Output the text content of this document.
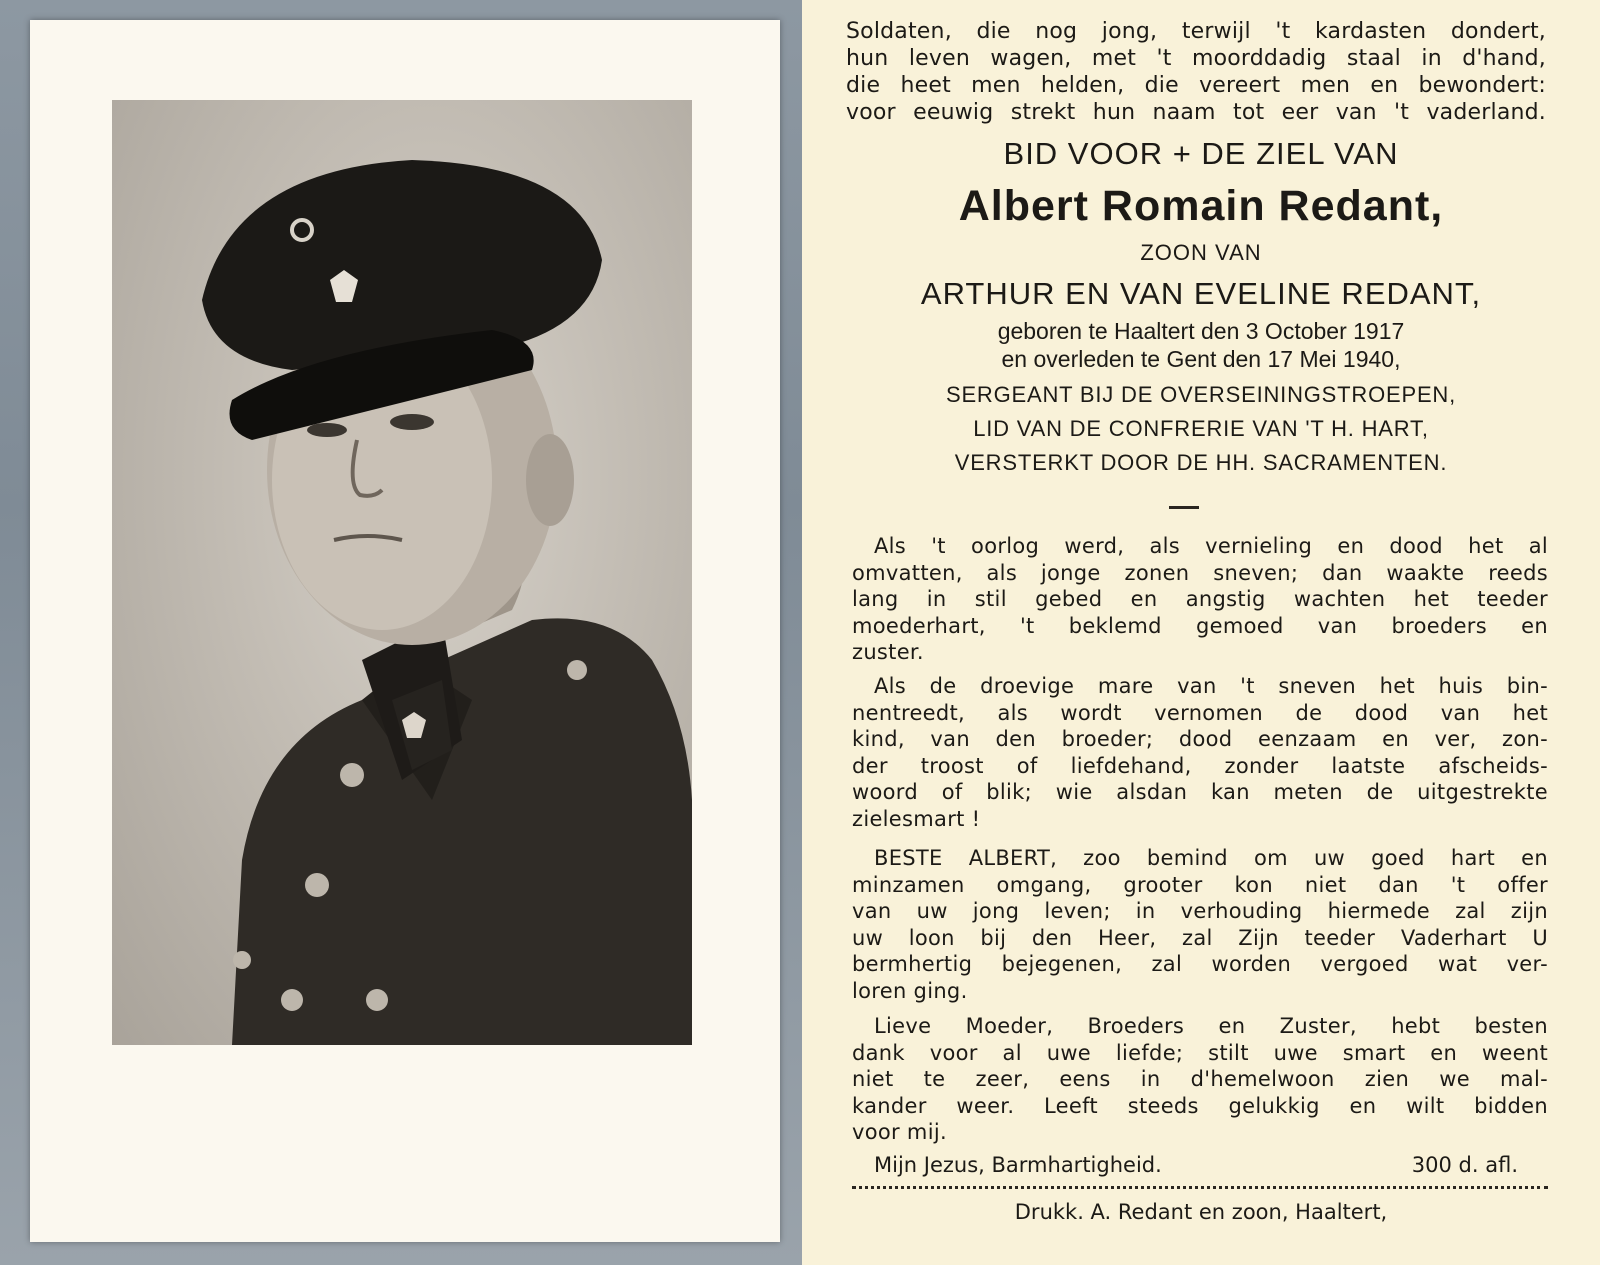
Soldaten, die nog jong, terwijl 't kardasten dondert,
hun leven wagen, met 't moorddadig staal in d'hand,
die heet men helden, die vereert men en bewondert:
voor eeuwig strekt hun naam tot eer van 't vaderland.
BID VOOR + DE ZIEL VAN
Albert Romain Redant,
ZOON VAN
ARTHUR EN VAN EVELINE REDANT,
geboren te Haaltert den 3 October 1917
en overleden te Gent den 17 Mei 1940,
SERGEANT BIJ DE OVERSEININGSTROEPEN,
LID VAN DE CONFRERIE VAN 'T H. HART,
VERSTERKT DOOR DE HH. SACRAMENTEN.
Als 't oorlog werd, als vernieling en dood het al
omvatten, als jonge zonen sneven; dan waakte reeds
lang in stil gebed en angstig wachten het teeder
moederhart, 't beklemd gemoed van broeders en
zuster.
Als de droevige mare van 't sneven het huis bin-
nentreedt, als wordt vernomen de dood van het
kind, van den broeder; dood eenzaam en ver, zon-
der troost of liefdehand, zonder laatste afscheids-
woord of blik; wie alsdan kan meten de uitgestrekte
zielesmart !
BESTE ALBERT, zoo bemind om uw goed hart en
minzamen omgang, grooter kon niet dan 't offer
van uw jong leven; in verhouding hiermede zal zijn
uw loon bij den Heer, zal Zijn teeder Vaderhart U
bermhertig bejegenen, zal worden vergoed wat ver-
loren ging.
Lieve Moeder, Broeders en Zuster, hebt besten
dank voor al uwe liefde; stilt uwe smart en weent
niet te zeer, eens in d'hemelwoon zien we mal-
kander weer. Leeft steeds gelukkig en wilt bidden
voor mij.
Mijn Jezus, Barmhartigheid.	300 d. afl.
Drukk. A. Redant en zoon, Haaltert,
